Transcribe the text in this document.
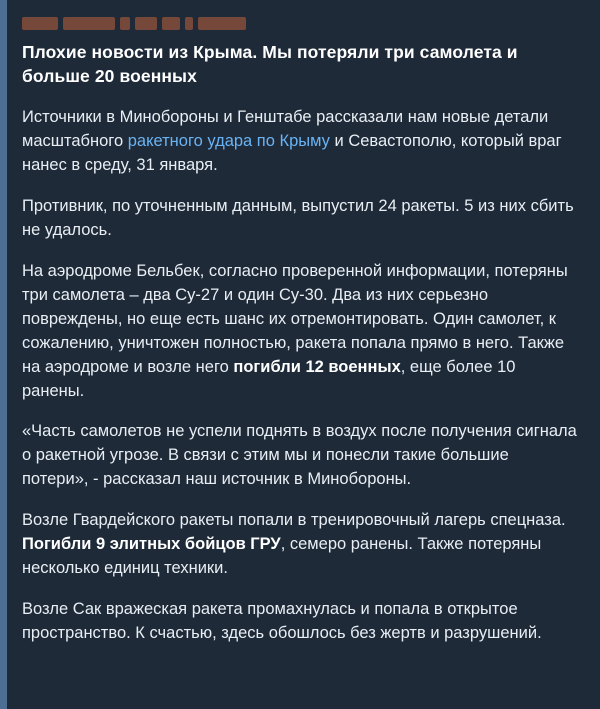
Плохие новости из Крыма. Мы потеряли три самолета и больше 20 военных

Источники в Минобороны и Генштабе рассказали нам новые детали масштабного ракетного удара по Крыму и Севастополю, который враг нанес в среду, 31 января.

Противник, по уточненным данным, выпустил 24 ракеты. 5 из них сбить не удалось.

На аэродроме Бельбек, согласно проверенной информации, потеряны три самолета – два Су-27 и один Су-30. Два из них серьезно повреждены, но еще есть шанс их отремонтировать. Один самолет, к сожалению, уничтожен полностью, ракета попала прямо в него. Также на аэродроме и возле него погибли 12 военных, еще более 10 ранены.

«Часть самолетов не успели поднять в воздух после получения сигнала о ракетной угрозе. В связи с этим мы и понесли такие большие потери», - рассказал наш источник в Минобороны.

Возле Гвардейского ракеты попали в тренировочный лагерь спецназа. Погибли 9 элитных бойцов ГРУ, семеро ранены. Также потеряны несколько единиц техники.

Возле Сак вражеская ракета промахнулась и попала в открытое пространство. К счастью, здесь обошлось без жертв и разрушений.
